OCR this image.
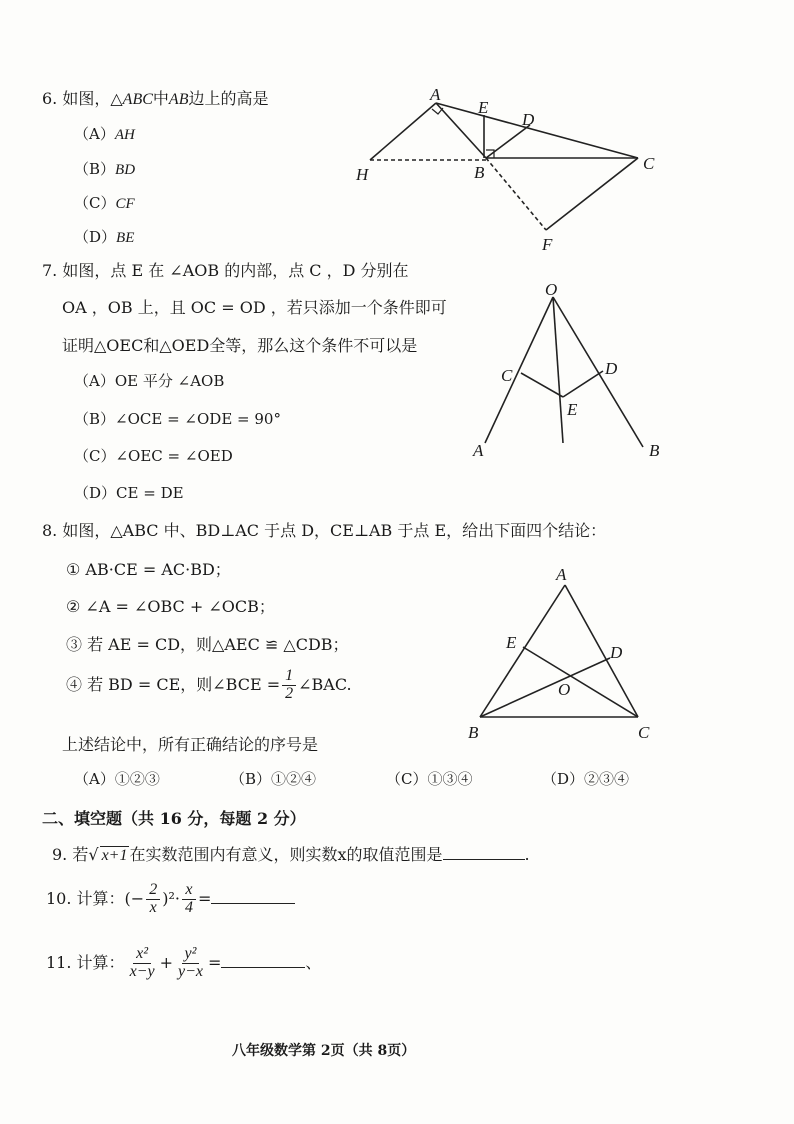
6. 如图，△ABC中AB边上的高是
（A）AH
（B）BD
（C）CF
（D）BE
A
E
D
C
H	B
F
7. 如图，点 E 在 ∠AOB 的内部，点 C ，D 分别在
OA ，OB 上，且 OC = OD ，若只添加一个条件即可
证明△OEC和△OED全等，那么这个条件不可以是
（A）OE 平分 ∠AOB
（B）∠OCE = ∠ODE = 90°
（C）∠OEC = ∠OED
（D）CE = DE
O
C	D
E
A	B
8. 如图，△ABC 中、BD⊥AC 于点 D，CE⊥AB 于点 E，给出下面四个结论：
① AB·CE = AC·BD；
② ∠A = ∠OBC + ∠OCB；
③ 若 AE = CD，则△AEC ≌ △CDB；
④ 若 BD = CE，则∠BCE = $\frac{1}{2}$ ∠BAC.
上述结论中，所有正确结论的序号是
（A）①②③	（B）①②④	（C）①③④	（D）②③④
A
E
D
O
B	C
二、填空题（共 16 分，每题 2 分）
9. 若√ x+1 在实数范围内有意义，则实数x的取值范围是	.
10. 计算：(− $\frac{2}{x} )^2\cdot \frac{x}{4}$ =
11. 计算： $\frac{\text{x²}}{x-y} + \frac{\text{y²}}{y-x}$ =	、
八年级数学第 2页（共 8页）
